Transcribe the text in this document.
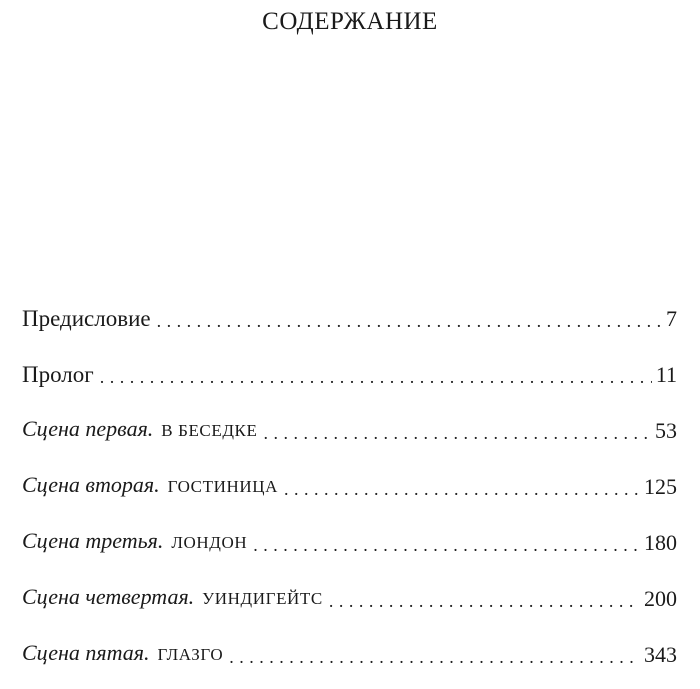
СОДЕРЖАНИЕ
Предисловие . . .	7
Пролог . . .	11
Сцена первая. В БЕСЕДКЕ . . .	53
Сцена вторая. ГОСТИНИЦА . . .	125
Сцена третья. ЛОНДОН . . .	180
Сцена четвертая. УИНДИГЕЙТС . . .	200
Сцена пятая. ГЛАЗГО . . .	343
